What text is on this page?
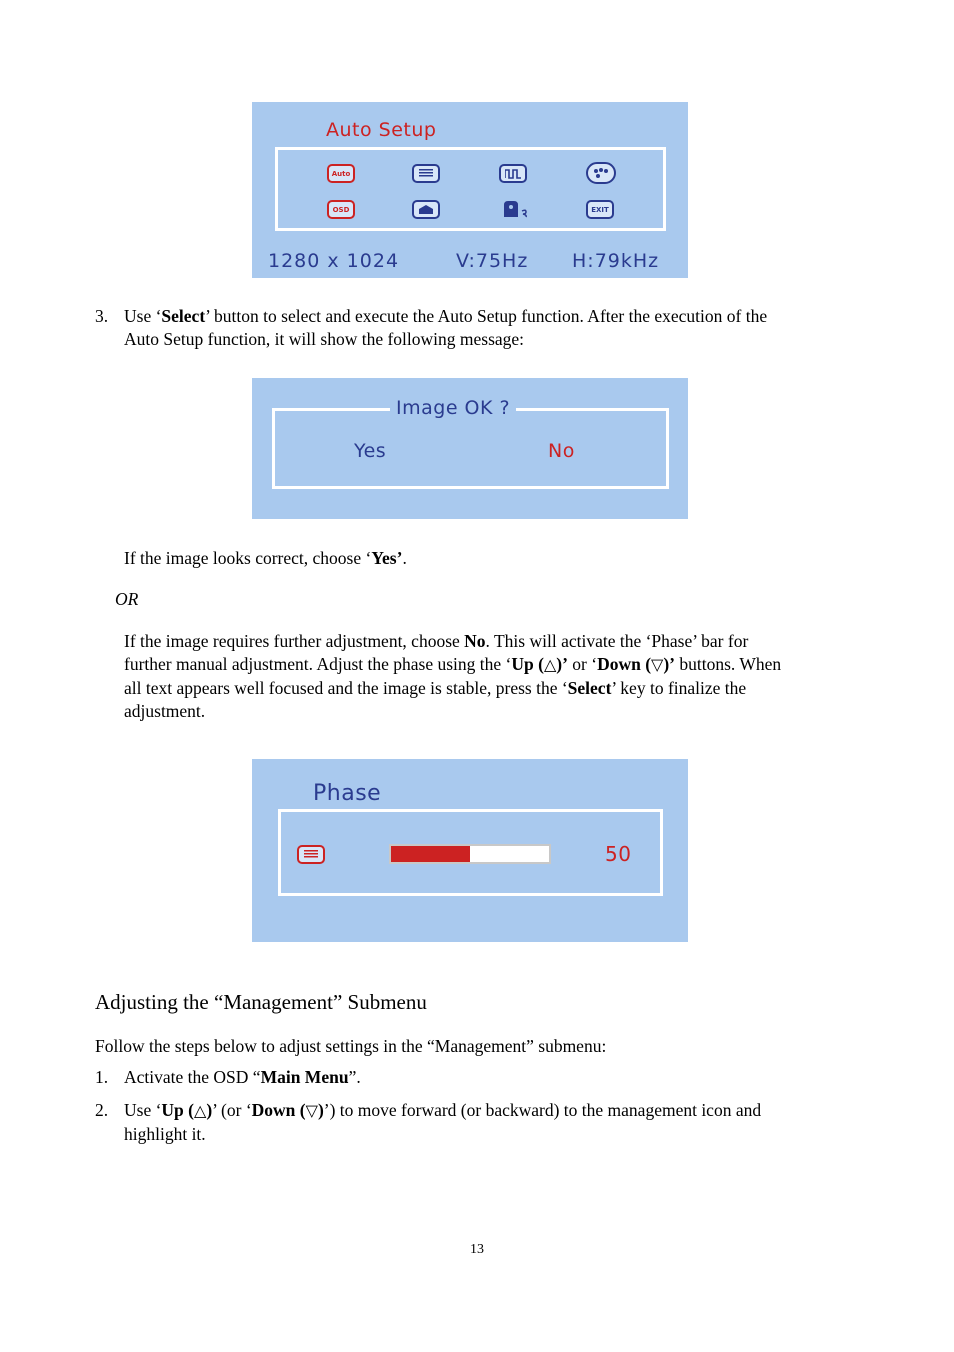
Auto Setup
Auto
OSD	EXIT
1280 x 1024	V:75Hz H:79kHz
3. Use ‘Select’ button to select and execute the Auto Setup function. After the execution of the
Auto Setup function, it will show the following message:
Image OK ?
Yes	No
If the image looks correct, choose ‘Yes’.
OR
If the image requires further adjustment, choose No. This will activate the ‘Phase’ bar for
further manual adjustment. Adjust the phase using the ‘Up (△)’ or ‘Down (▽)’ buttons. When
all text appears well focused and the image is stable, press the ‘Select’ key to finalize the
adjustment.
Phase
50
Adjusting the “Management” Submenu
Follow the steps below to adjust settings in the “Management” submenu:
1. Activate the OSD “Main Menu”.
2. Use ‘Up (△)’ (or ‘Down (▽)’) to move forward (or backward) to the management icon and
highlight it.
13
